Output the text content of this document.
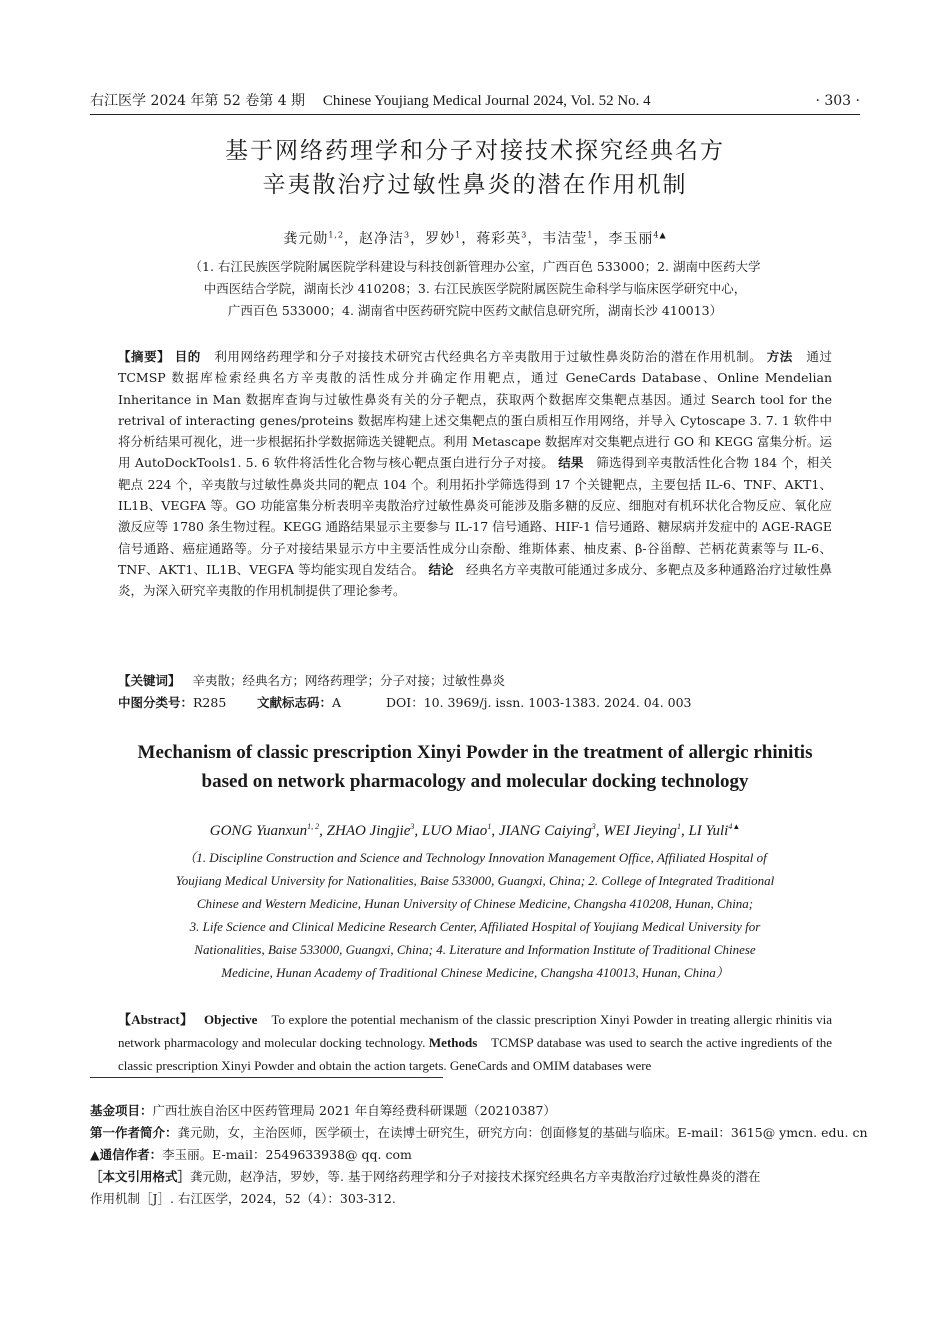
右江医学 2024 年第 52 卷第 4 期 Chinese Youjiang Medical Journal 2024, Vol. 52 No. 4	· 303 ·
基于网络药理学和分子对接技术探究经典名方
辛夷散治疗过敏性鼻炎的潜在作用机制
龚元勋$^{1,2}$，赵净洁$^3$，罗妙$^1$，蒋彩英$^3$，韦洁莹$^1$，李玉丽$^{4▲}$
（1. 右江民族医学院附属医院学科建设与科技创新管理办公室，广西百色 533000；2. 湖南中医药大学
中西医结合学院，湖南长沙 410208；3. 右江民族医学院附属医院生命科学与临床医学研究中心，
广西百色 533000；4. 湖南省中医药研究院中医药文献信息研究所，湖南长沙 410013）
【摘要】 目的 利用网络药理学和分子对接技术研究古代经典名方辛夷散用于过敏性鼻炎防治的潜在作用机制。 方法 通过 TCMSP 数据库检索经典名方辛夷散的活性成分并确定作用靶点，通过 GeneCards Database、Online Mendelian Inheritance in Man 数据库查询与过敏性鼻炎有关的分子靶点，获取两个数据库交集靶点基因。通过 Search tool for the retrival of interacting genes/proteins 数据库构建上述交集靶点的蛋白质相互作用网络，并导入 Cytoscape 3. 7. 1 软件中将分析结果可视化，进一步根据拓扑学数据筛选关键靶点。利用 Metascape 数据库对交集靶点进行 GO 和 KEGG 富集分析。运用 AutoDockTools1. 5. 6 软件将活性化合物与核心靶点蛋白进行分子对接。 结果 筛选得到辛夷散活性化合物 184 个，相关靶点 224 个，辛夷散与过敏性鼻炎共同的靶点 104 个。利用拓扑学筛选得到 17 个关键靶点，主要包括 IL-6、TNF、AKT1、IL1B、VEGFA 等。GO 功能富集分析表明辛夷散治疗过敏性鼻炎可能涉及脂多糖的反应、细胞对有机环状化合物反应、氧化应激反应等 1780 条生物过程。KEGG 通路结果显示主要参与 IL-17 信号通路、HIF-1 信号通路、糖尿病并发症中的 AGE-RAGE 信号通路、癌症通路等。分子对接结果显示方中主要活性成分山奈酚、维斯体素、柚皮素、β-谷甾醇、芒柄花黄素等与 IL-6、TNF、AKT1、IL1B、VEGFA 等均能实现自发结合。 结论 经典名方辛夷散可能通过多成分、多靶点及多种通路治疗过敏性鼻炎，为深入研究辛夷散的作用机制提供了理论参考。
【关键词】 辛夷散；经典名方；网络药理学；分子对接；过敏性鼻炎
中图分类号：R285 文献标志码：A	DOI：10. 3969/j. issn. 1003-1383. 2024. 04. 003
Mechanism of classic prescription Xinyi Powder in the treatment of allergic rhinitis
based on network pharmacology and molecular docking technology
GONG Yuanxun$^{1, 2}$, ZHAO Jingjie$^3$, LUO Miao$^1$, JIANG Caiying$^3$, WEI Jieying$^1$, LI Yuli$^{4▲}$
（1. Discipline Construction and Science and Technology Innovation Management Office, Affiliated Hospital of
Youjiang Medical University for Nationalities, Baise 533000, Guangxi, China; 2. College of Integrated Traditional
Chinese and Western Medicine, Hunan University of Chinese Medicine, Changsha 410208, Hunan, China;
3. Life Science and Clinical Medicine Research Center, Affiliated Hospital of Youjiang Medical University for
Nationalities, Baise 533000, Guangxi, China; 4. Literature and Information Institute of Traditional Chinese
Medicine, Hunan Academy of Traditional Chinese Medicine, Changsha 410013, Hunan, China）
【Abstract】 Objective To explore the potential mechanism of the classic prescription Xinyi Powder in treating allergic rhinitis via network pharmacology and molecular docking technology. Methods TCMSP database was used to search the active ingredients of the classic prescription Xinyi Powder and obtain the action targets. GeneCards and OMIM databases were
基金项目：广西壮族自治区中医药管理局 2021 年自筹经费科研课题（20210387）
第一作者简介：龚元勋，女，主治医师，医学硕士，在读博士研究生，研究方向：创面修复的基础与临床。E-mail：3615@ ymcn. edu. cn
▲通信作者：李玉丽。E-mail：2549633938@ qq. com
［本文引用格式］龚元勋，赵净洁，罗妙，等. 基于网络药理学和分子对接技术探究经典名方辛夷散治疗过敏性鼻炎的潜在
作用机制［J］. 右江医学，2024，52（4）：303-312.
